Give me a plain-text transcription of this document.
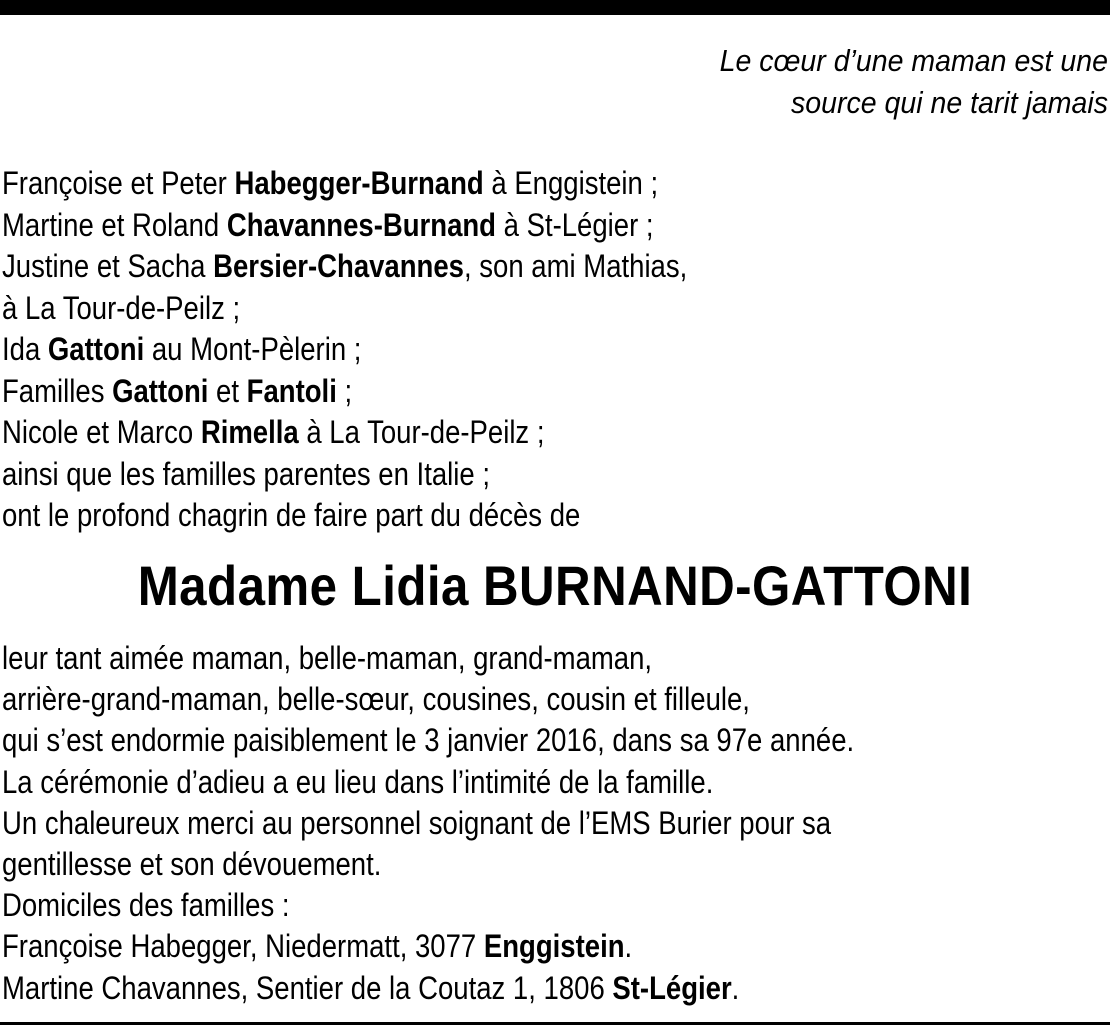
Le cœur d’une maman est une
source qui ne tarit jamais
Françoise et Peter Habegger-Burnand à Enggistein ;
Martine et Roland Chavannes-Burnand à St-Légier ;
Justine et Sacha Bersier-Chavannes, son ami Mathias,
à La Tour-de-Peilz ;
Ida Gattoni au Mont-Pèlerin ;
Familles Gattoni et Fantoli ;
Nicole et Marco Rimella à La Tour-de-Peilz ;
ainsi que les familles parentes en Italie ;
ont le profond chagrin de faire part du décès de
Madame Lidia BURNAND-GATTONI
leur tant aimée maman, belle-maman, grand-maman,
arrière-grand-maman, belle-sœur, cousines, cousin et filleule,
qui s’est endormie paisiblement le 3 janvier 2016, dans sa 97e année.
La cérémonie d’adieu a eu lieu dans l’intimité de la famille.
Un chaleureux merci au personnel soignant de l’EMS Burier pour sa
gentillesse et son dévouement.
Domiciles des familles :
Françoise Habegger, Niedermatt, 3077 Enggistein.
Martine Chavannes, Sentier de la Coutaz 1, 1806 St-Légier.
